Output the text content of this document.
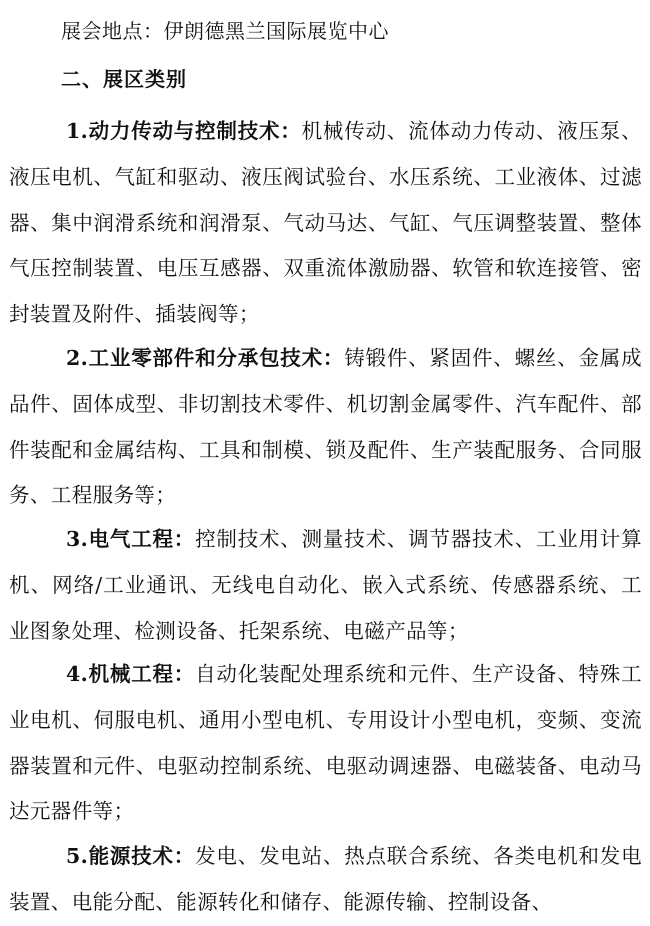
展会地点：伊朗德黑兰国际展览中心
二、展区类别

1.动力传动与控制技术：机械传动、流体动力传动、液压泵、液压电机、气缸和驱动、液压阀试验台、水压系统、工业液体、过滤器、集中润滑系统和润滑泵、气动马达、气缸、气压调整装置、整体气压控制装置、电压互感器、双重流体激励器、软管和软连接管、密封装置及附件、插装阀等；

2.工业零部件和分承包技术：铸锻件、紧固件、螺丝、金属成品件、固体成型、非切割技术零件、机切割金属零件、汽车配件、部件装配和金属结构、工具和制模、锁及配件、生产装配服务、合同服务、工程服务等；

3.电气工程：控制技术、测量技术、调节器技术、工业用计算机、网络/工业通讯、无线电自动化、嵌入式系统、传感器系统、工业图象处理、检测设备、托架系统、电磁产品等；

4.机械工程：自动化装配处理系统和元件、生产设备、特殊工业电机、伺服电机、通用小型电机、专用设计小型电机，变频、变流器装置和元件、电驱动控制系统、电驱动调速器、电磁装备、电动马达元器件等；

5.能源技术：发电、发电站、热点联合系统、各类电机和发电装置、电能分配、能源转化和储存、能源传输、控制设备、
